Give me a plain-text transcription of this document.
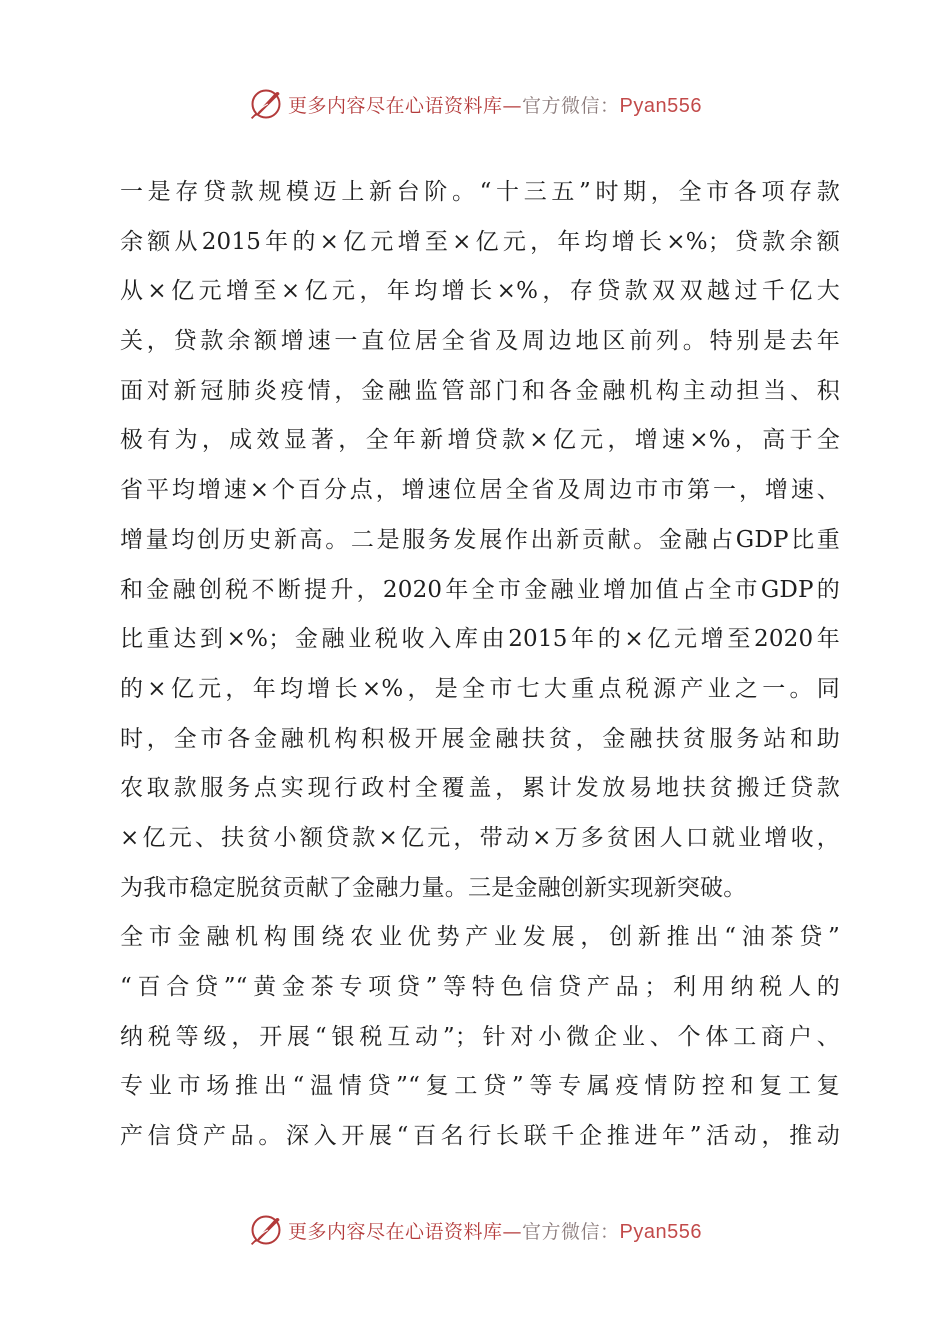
更多内容尽在心语资料库—官方微信：Pyan556
一是存贷款规模迈上新台阶。“十三五”时期，全市各项存款
余额从2015年的×亿元增至×亿元，年均增长×%；贷款余额
从×亿元增至×亿元，年均增长×%，存贷款双双越过千亿大
关，贷款余额增速一直位居全省及周边地区前列。特别是去年
面对新冠肺炎疫情，金融监管部门和各金融机构主动担当、积
极有为，成效显著，全年新增贷款×亿元，增速×%，高于全
省平均增速×个百分点，增速位居全省及周边市市第一，增速、
增量均创历史新高。二是服务发展作出新贡献。金融占GDP比重
和金融创税不断提升，2020年全市金融业增加值占全市GDP的
比重达到×%；金融业税收入库由2015年的×亿元增至2020年
的×亿元，年均增长×%，是全市七大重点税源产业之一。同
时，全市各金融机构积极开展金融扶贫，金融扶贫服务站和助
农取款服务点实现行政村全覆盖，累计发放易地扶贫搬迁贷款
×亿元、扶贫小额贷款×亿元，带动×万多贫困人口就业增收，
为我市稳定脱贫贡献了金融力量。三是金融创新实现新突破。
全市金融机构围绕农业优势产业发展，创新推出“油茶贷”
“百合贷”“黄金茶专项贷”等特色信贷产品；利用纳税人的
纳税等级，开展“银税互动”；针对小微企业、个体工商户、
专业市场推出“温情贷”“复工贷”等专属疫情防控和复工复
产信贷产品。深入开展“百名行长联千企推进年”活动，推动
更多内容尽在心语资料库—官方微信：Pyan556
